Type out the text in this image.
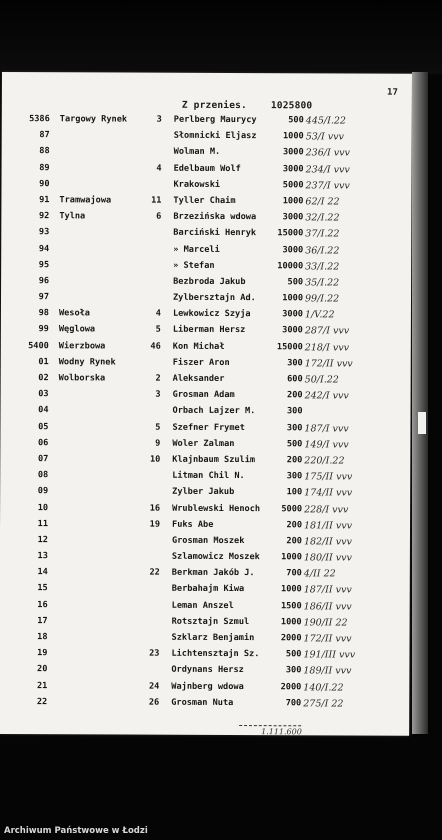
17
Z przenies.	1025800
5386 Targowy Rynek	3 Perlberg Maurycy	500 445/I.22
87	Słomnicki Eljasz	1000 53/I vvv
88	Wolman M.	3000 236/I vvv
89	4 Edelbaum Wolf	3000 234/I vvv
90	Krakowski	5000 237/I vvv
91 Tramwajowa	11 Tyller Chaim	1000 62/I 22
92 Tylna	6 Brzezińska wdowa	3000 32/I.22
93	Barciński Henryk	15000 37/I.22
94	» Marceli	3000 36/I.22
95	» Stefan	10000 33/I.22
96	Bezbroda Jakub	500 35/I.22
97	Zylbersztajn Ad.	1000 99/I.22
98 Wesoła	4 Lewkowicz Szyja	3000 1/V.22
99 Węglowa	5 Liberman Hersz	3000 287/I vvv
5400 Wierzbowa	46 Kon Michał	15000 218/I vvv
01 Wodny Rynek	Fiszer Aron	300 172/II vvv
02 Wolborska	2 Aleksander	600 50/I.22
03	3 Grosman Adam	200 242/I vvv
04	Orbach Lajzer M.	300
05	5 Szefner Frymet	300 187/I vvv
06	9 Woler Zalman	500 149/I vvv
07	10 Klajnbaum Szulim	200 220/I.22
08	Litman Chil N.	300 175/II vvv
09	Zylber Jakub	100 174/II vvv
10	16 Wrublewski Henoch	5000 228/I vvv
11	19 Fuks Abe	200 181/II vvv
12	Grosman Moszek	200 182/II vvv
13	Szlamowicz Moszek	1000 180/II vvv
14	22 Berkman Jakób J.	700 4/II 22
15	Berbahajm Kiwa	1000 187/II vvv
16	Leman Anszel	1500 186/II vvv
17	Rotsztajn Szmul	1000 190/II 22
18	Szklarz Benjamin	2000 172/II vvv
19	23 Lichtensztajn Sz.	500 191/III vvv
20	Ordynans Hersz	300 189/II vvv
21	24 Wajnberg wdowa	2000 140/I.22
22	26 Grosman Nuta	700 275/I 22
1.111.600
Archiwum Państwowe w Łodzi
